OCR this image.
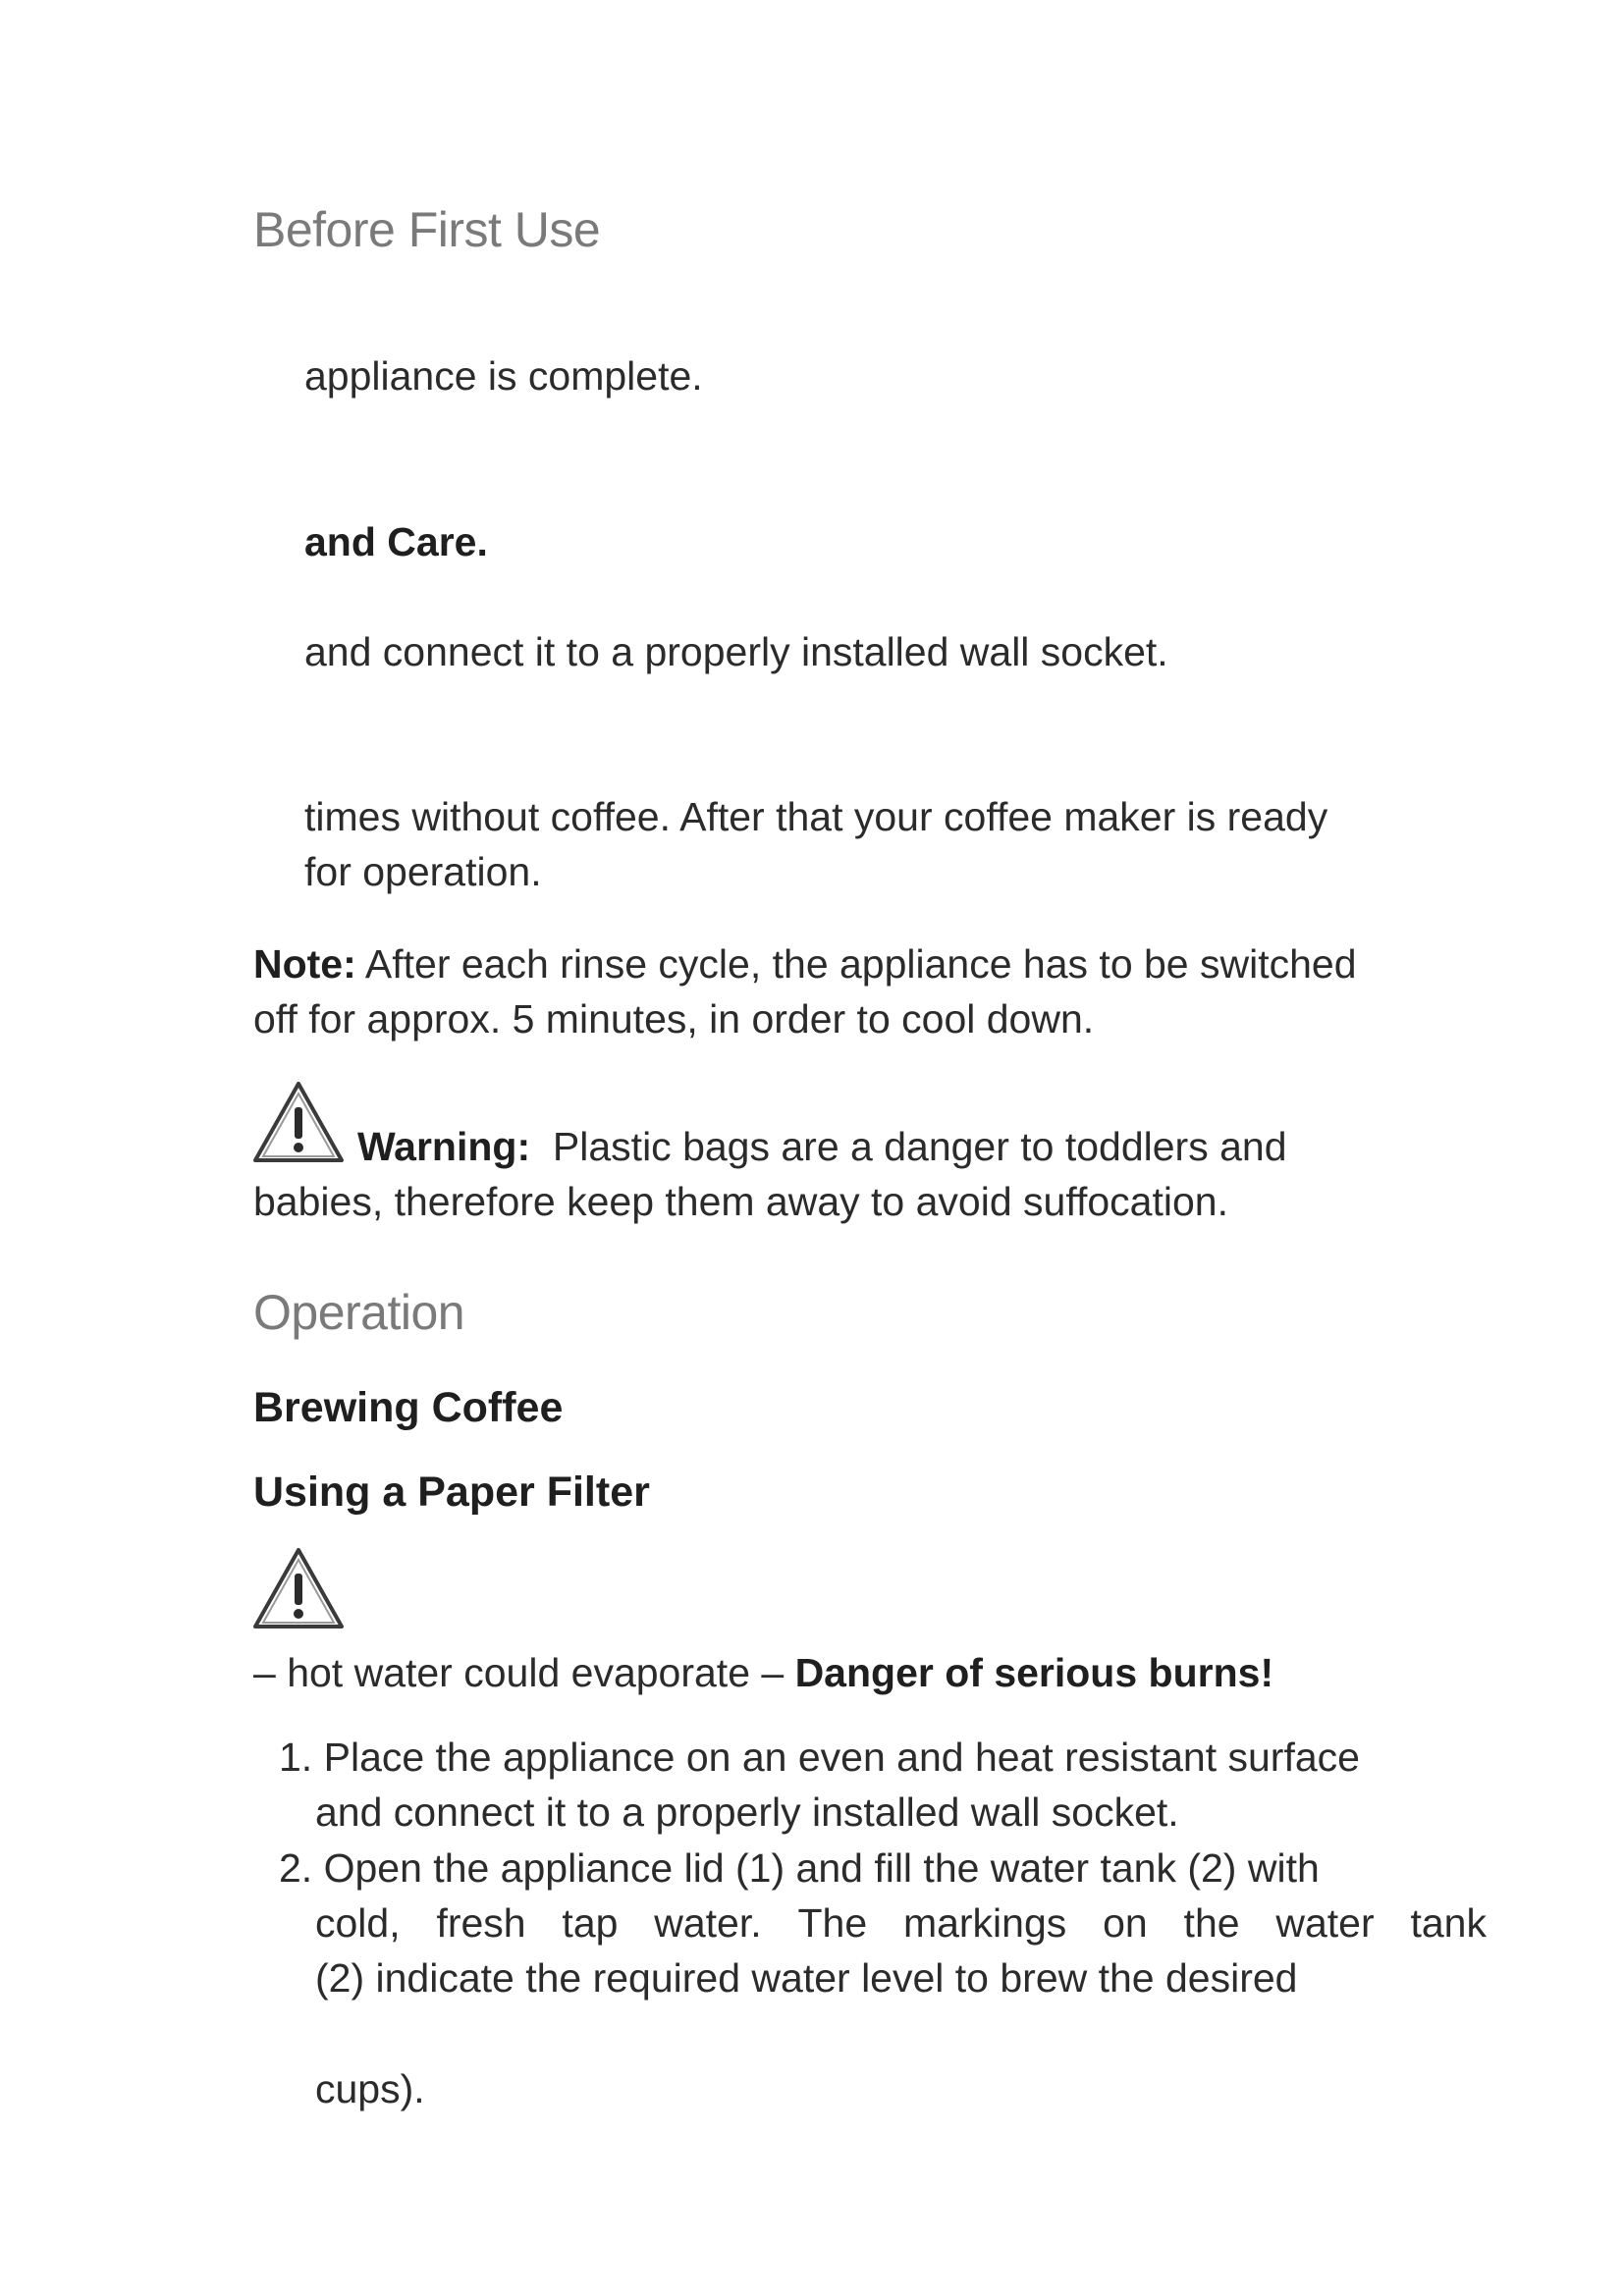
Before First Use
appliance is complete.
and Care.
and connect it to a properly installed wall socket.
times without coffee. After that your coffee maker is ready
for operation.
Note: After each rinse cycle, the appliance has to be switched
off for approx. 5 minutes, in order to cool down.
Warning: Plastic bags are a danger to toddlers and
babies, therefore keep them away to avoid suffocation.
Operation
Brewing Coffee
Using a Paper Filter
– hot water could evaporate – Danger of serious burns!
1. Place the appliance on an even and heat resistant surface
and connect it to a properly installed wall socket.
2. Open the appliance lid (1) and fill the water tank (2) with
cold, fresh tap water. The markings on the water tank
(2) indicate the required water level to brew the desired
cups).
